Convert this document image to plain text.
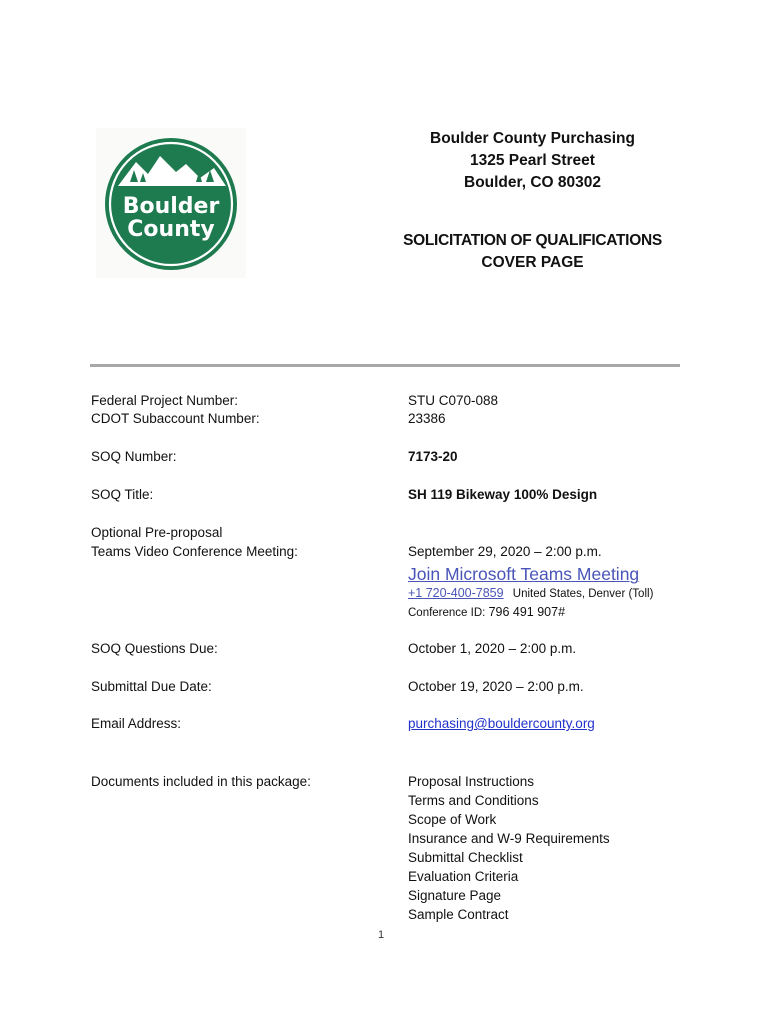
Boulder
County
Boulder County Purchasing
1325 Pearl Street
Boulder, CO 80302
SOLICITATION OF QUALIFICATIONS
COVER PAGE
Federal Project Number:	STU C070-088
CDOT Subaccount Number:	23386
SOQ Number:	7173-20
SOQ Title:	SH 119 Bikeway 100% Design
Optional Pre-proposal
Teams Video Conference Meeting:	September 29, 2020 – 2:00 p.m.
Join Microsoft Teams Meeting
+1 720-400-7859 United States, Denver (Toll)
Conference ID: 796 491 907#
SOQ Questions Due:	October 1, 2020 – 2:00 p.m.
Submittal Due Date:	October 19, 2020 – 2:00 p.m.
Email Address:	purchasing@bouldercounty.org
Documents included in this package:	Proposal Instructions
Terms and Conditions
Scope of Work
Insurance and W-9 Requirements
Submittal Checklist
Evaluation Criteria
Signature Page
Sample Contract
1
